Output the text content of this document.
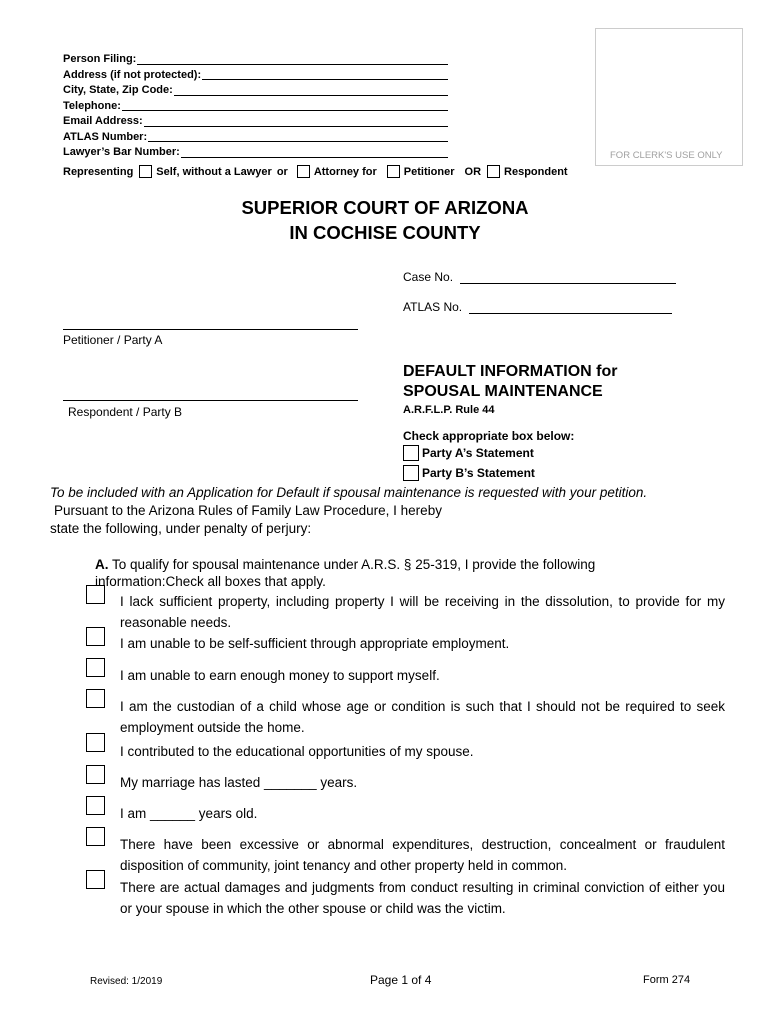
Person Filing:
Address (if not protected):
City, State, Zip Code:
Telephone:
Email Address:
ATLAS Number:
Lawyer’s Bar Number:	FOR CLERK'S USE ONLY
Representing Self, without a Lawyer or Attorney for Petitioner OR Respondent
SUPERIOR COURT OF ARIZONA
IN COCHISE COUNTY
Case No.
ATLAS No.
Petitioner / Party A
Respondent / Party B
DEFAULT INFORMATION for
SPOUSAL MAINTENANCE
A.R.F.L.P. Rule 44
Check appropriate box below:
Party A’s Statement
Party B’s Statement
To be included with an Application for Default if spousal maintenance is requested with your petition.
Pursuant to the Arizona Rules of Family Law Procedure, I hereby
state the following, under penalty of perjury:
A. To qualify for spousal maintenance under A.R.S. § 25-319, I provide the following information:Check all boxes that apply.
I lack sufficient property, including property I will be receiving in the dissolution, to provide for my reasonable needs.
I am unable to be self-sufficient through appropriate employment.
I am unable to earn enough money to support myself.
I am the custodian of a child whose age or condition is such that I should not be required to seek employment outside the home.
I contributed to the educational opportunities of my spouse.
My marriage has lasted _______ years.
I am ______ years old.
There have been excessive or abnormal expenditures, destruction, concealment or fraudulent disposition of community, joint tenancy and other property held in common.
There are actual damages and judgments from conduct resulting in criminal conviction of either you or your spouse in which the other spouse or child was the victim.
Revised: 1/2019	Page 1 of 4	Form 274
